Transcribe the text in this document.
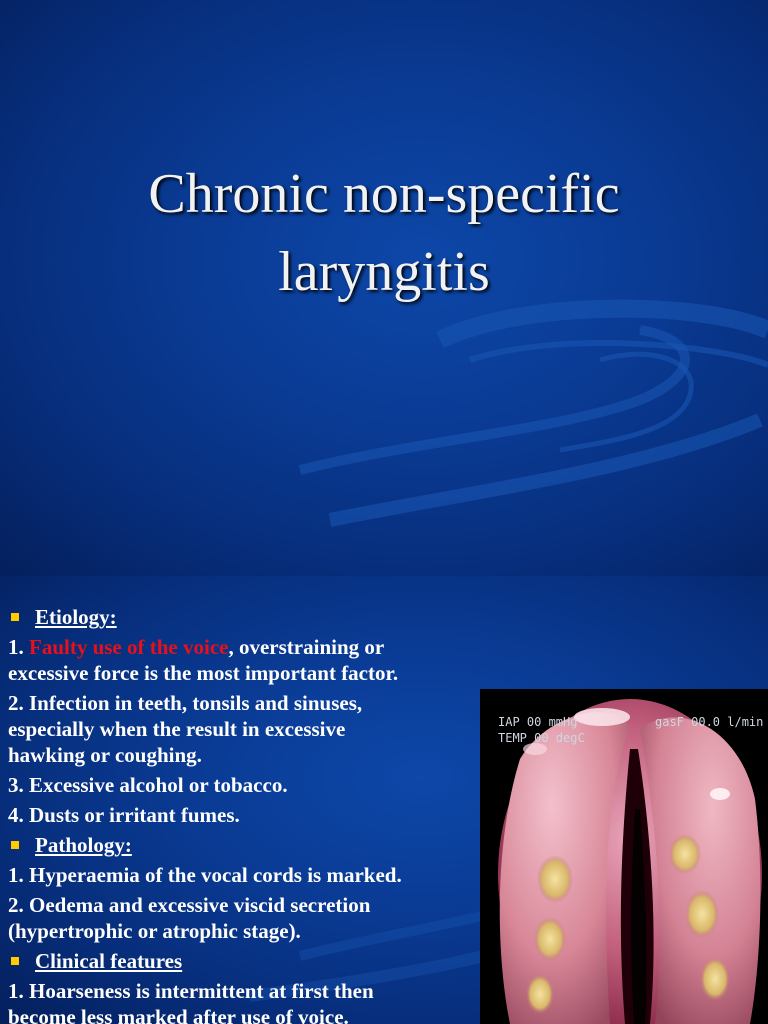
Chronic non-specific
laryngitis
Etiology:
1. Faulty use of the voice, overstraining or
excessive force is the most important factor.
2. Infection in teeth, tonsils and sinuses,
especially when the result in excessive
hawking or coughing.
3. Excessive alcohol or tobacco.
4. Dusts or irritant fumes.
Pathology:
1. Hyperaemia of the vocal cords is marked.
2. Oedema and excessive viscid secretion
(hypertrophic or atrophic stage).
Clinical features
1. Hoarseness is intermittent at first then
become less marked after use of voice.
IAP 00 mmHg
TEMP 00 degC
gasF 00.0 l/min
